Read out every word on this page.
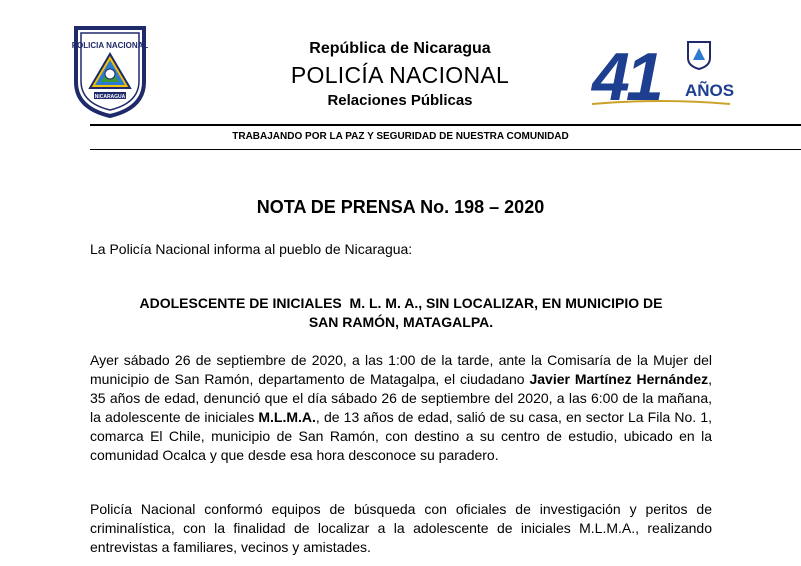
POLICIA NACIONAL
NICARAGUA
República de Nicaragua
POLICÍA NACIONAL
Relaciones Públicas	41 AÑOS
TRABAJANDO POR LA PAZ Y SEGURIDAD DE NUESTRA COMUNIDAD
NOTA DE PRENSA No. 198 – 2020
La Policía Nacional informa al pueblo de Nicaragua:
ADOLESCENTE DE INICIALES  M. L. M. A., SIN LOCALIZAR, EN MUNICIPIO DE
SAN RAMÓN, MATAGALPA.
Ayer sábado 26 de septiembre de 2020, a las 1:00 de la tarde, ante la Comisaría de la Mujer del municipio de San Ramón, departamento de Matagalpa, el ciudadano Javier Martínez Hernández, 35 años de edad, denunció que el día sábado 26 de septiembre del 2020, a las 6:00 de la mañana, la adolescente de iniciales M.L.M.A., de 13 años de edad, salió de su casa, en sector La Fila No. 1, comarca El Chile, municipio de San Ramón, con destino a su centro de estudio, ubicado en la comunidad Ocalca y que desde esa hora desconoce su paradero.
Policía Nacional conformó equipos de búsqueda con oficiales de investigación y peritos de criminalística, con la finalidad de localizar a la adolescente de iniciales M.L.M.A., realizando entrevistas a familiares, vecinos y amistades.
